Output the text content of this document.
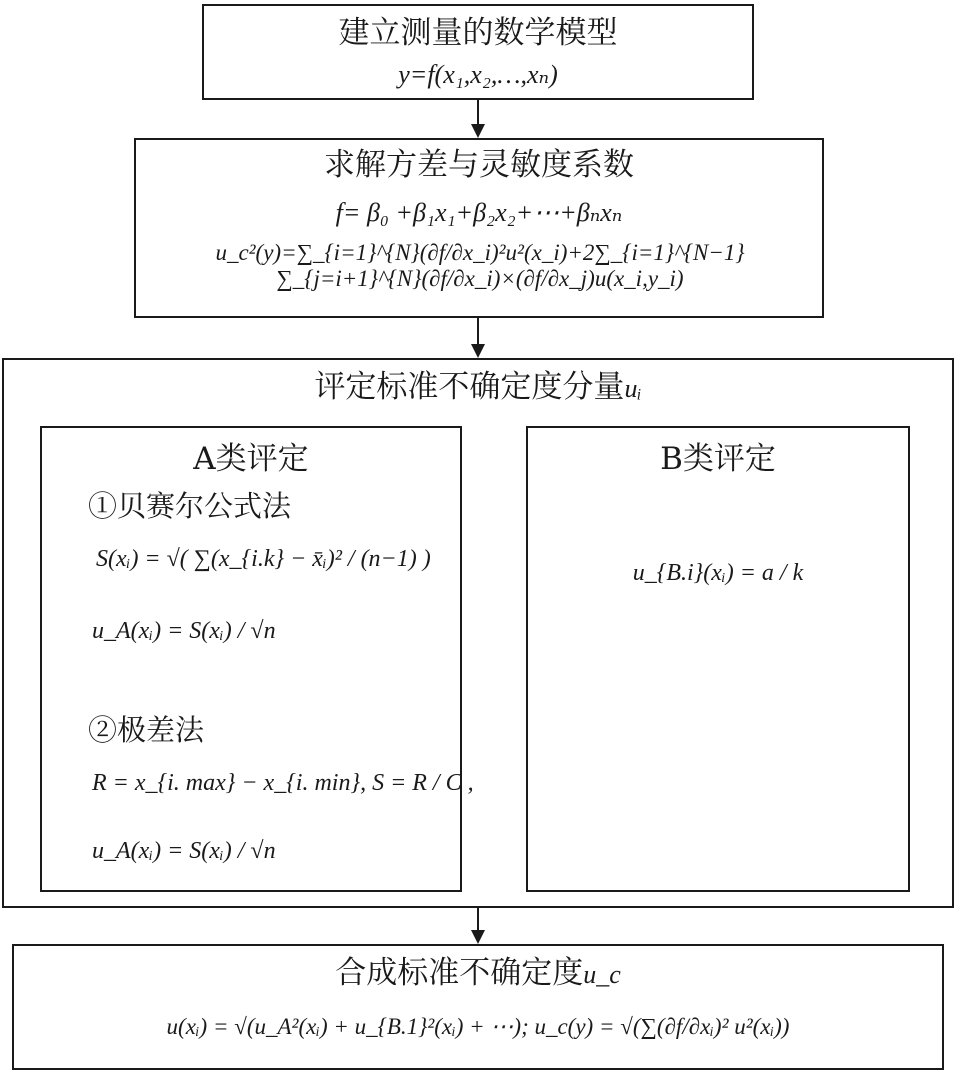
建立测量的数学模型
y=f(x₁,x₂,…,xₙ)
求解方差与灵敏度系数
f= β₀ +β₁x₁+β₂x₂+⋯+βₙxₙ
u_c²(y)=∑_{i=1}^{N}(∂f/∂x_i)²u²(x_i)+2∑_{i=1}^{N−1}∑_{j=i+1}^{N}(∂f/∂x_i)×(∂f/∂x_j)u(x_i,y_i)
评定标准不确定度分量uᵢ
A类评定
①贝赛尔公式法
S(xᵢ) = √( ∑(x_{i.k} − x̄ᵢ)² / (n−1) )
u_A(xᵢ) = S(xᵢ) / √n
②极差法
R = x_{i. max} − x_{i. min}, S = R / C ,
u_A(xᵢ) = S(xᵢ) / √n
B类评定
u_{B.i}(xᵢ) = a / k
合成标准不确定度u_c
u(xᵢ) = √(u_A²(xᵢ) + u_{B.1}²(xᵢ) + ⋯); u_c(y) = √(∑(∂f/∂xᵢ)² u²(xᵢ))
